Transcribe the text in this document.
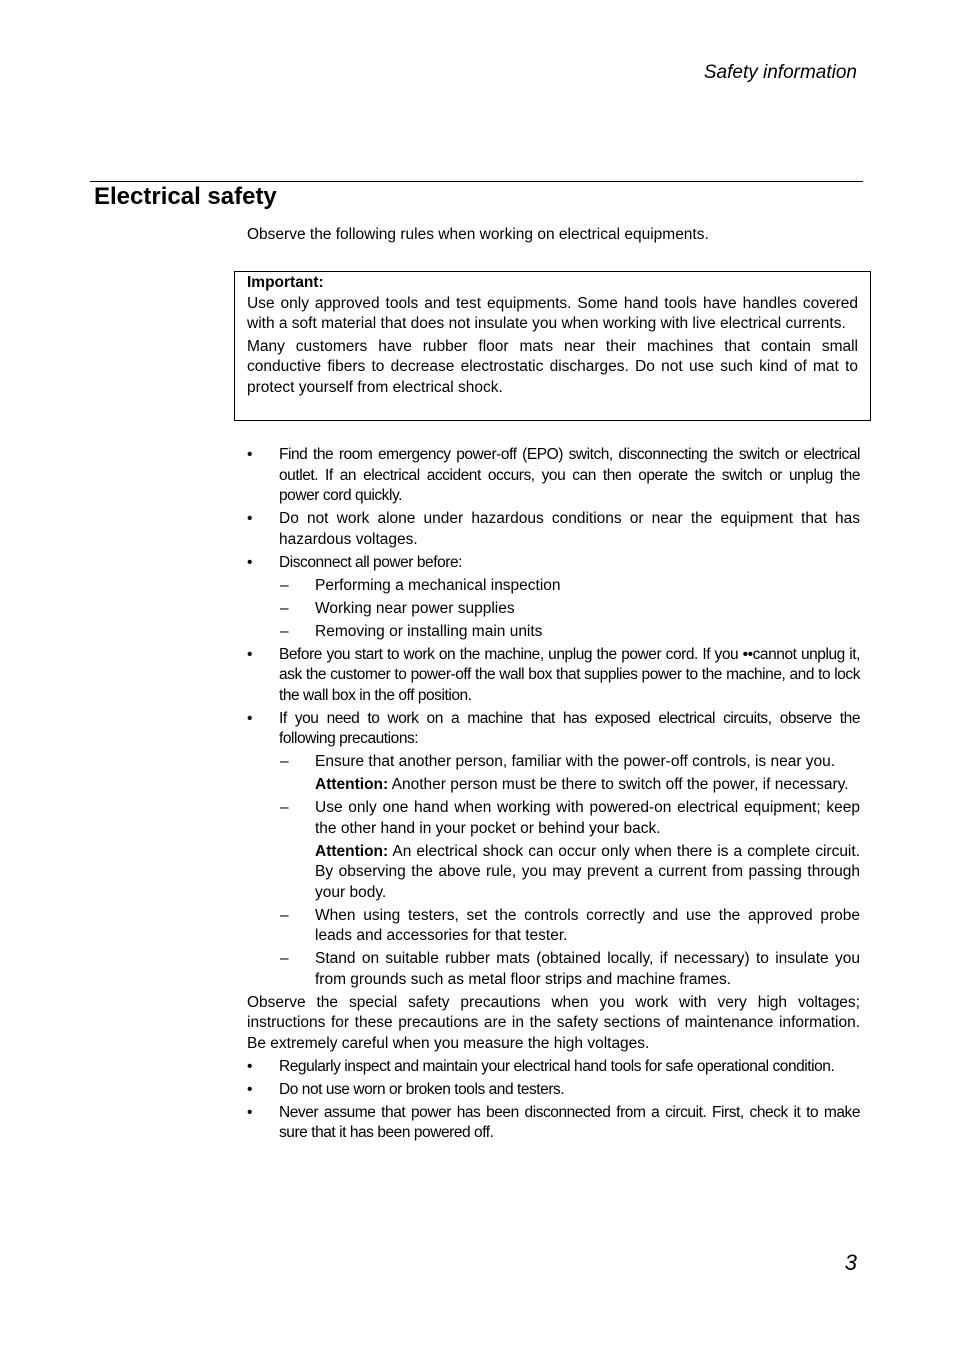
Safety information
Electrical safety

Observe the following rules when working on electrical equipments.

Important:

Use only approved tools and test equipments. Some hand tools have handles covered with a soft material that does not insulate you when working with live electrical currents.

Many customers have rubber floor mats near their machines that contain small conductive fibers to decrease electrostatic discharges. Do not use such kind of mat to protect yourself from electrical shock.

• Find the room emergency power-off (EPO) switch, disconnecting the switch or electrical outlet. If an electrical accident occurs, you can then operate the switch or unplug the power cord quickly.
• Do not work alone under hazardous conditions or near the equipment that has hazardous voltages.
• Disconnect all power before:
– Performing a mechanical inspection
– Working near power supplies
– Removing or installing main units
• Before you start to work on the machine, unplug the power cord. If you ••cannot unplug it, ask the customer to power-off the wall box that supplies power to the machine, and to lock the wall box in the off position.
• If you need to work on a machine that has exposed electrical circuits, observe the following precautions:
– Ensure that another person, familiar with the power-off controls, is near you.
Attention: Another person must be there to switch off the power, if necessary.
– Use only one hand when working with powered-on electrical equipment; keep the other hand in your pocket or behind your back.
Attention: An electrical shock can occur only when there is a complete circuit. By observing the above rule, you may prevent a current from passing through your body.
– When using testers, set the controls correctly and use the approved probe leads and accessories for that tester.
– Stand on suitable rubber mats (obtained locally, if necessary) to insulate you from grounds such as metal floor strips and machine frames.
Observe the special safety precautions when you work with very high voltages; instructions for these precautions are in the safety sections of maintenance information. Be extremely careful when you measure the high voltages.
• Regularly inspect and maintain your electrical hand tools for safe operational condition.
• Do not use worn or broken tools and testers.
• Never assume that power has been disconnected from a circuit. First, check it to make sure that it has been powered off.
3
